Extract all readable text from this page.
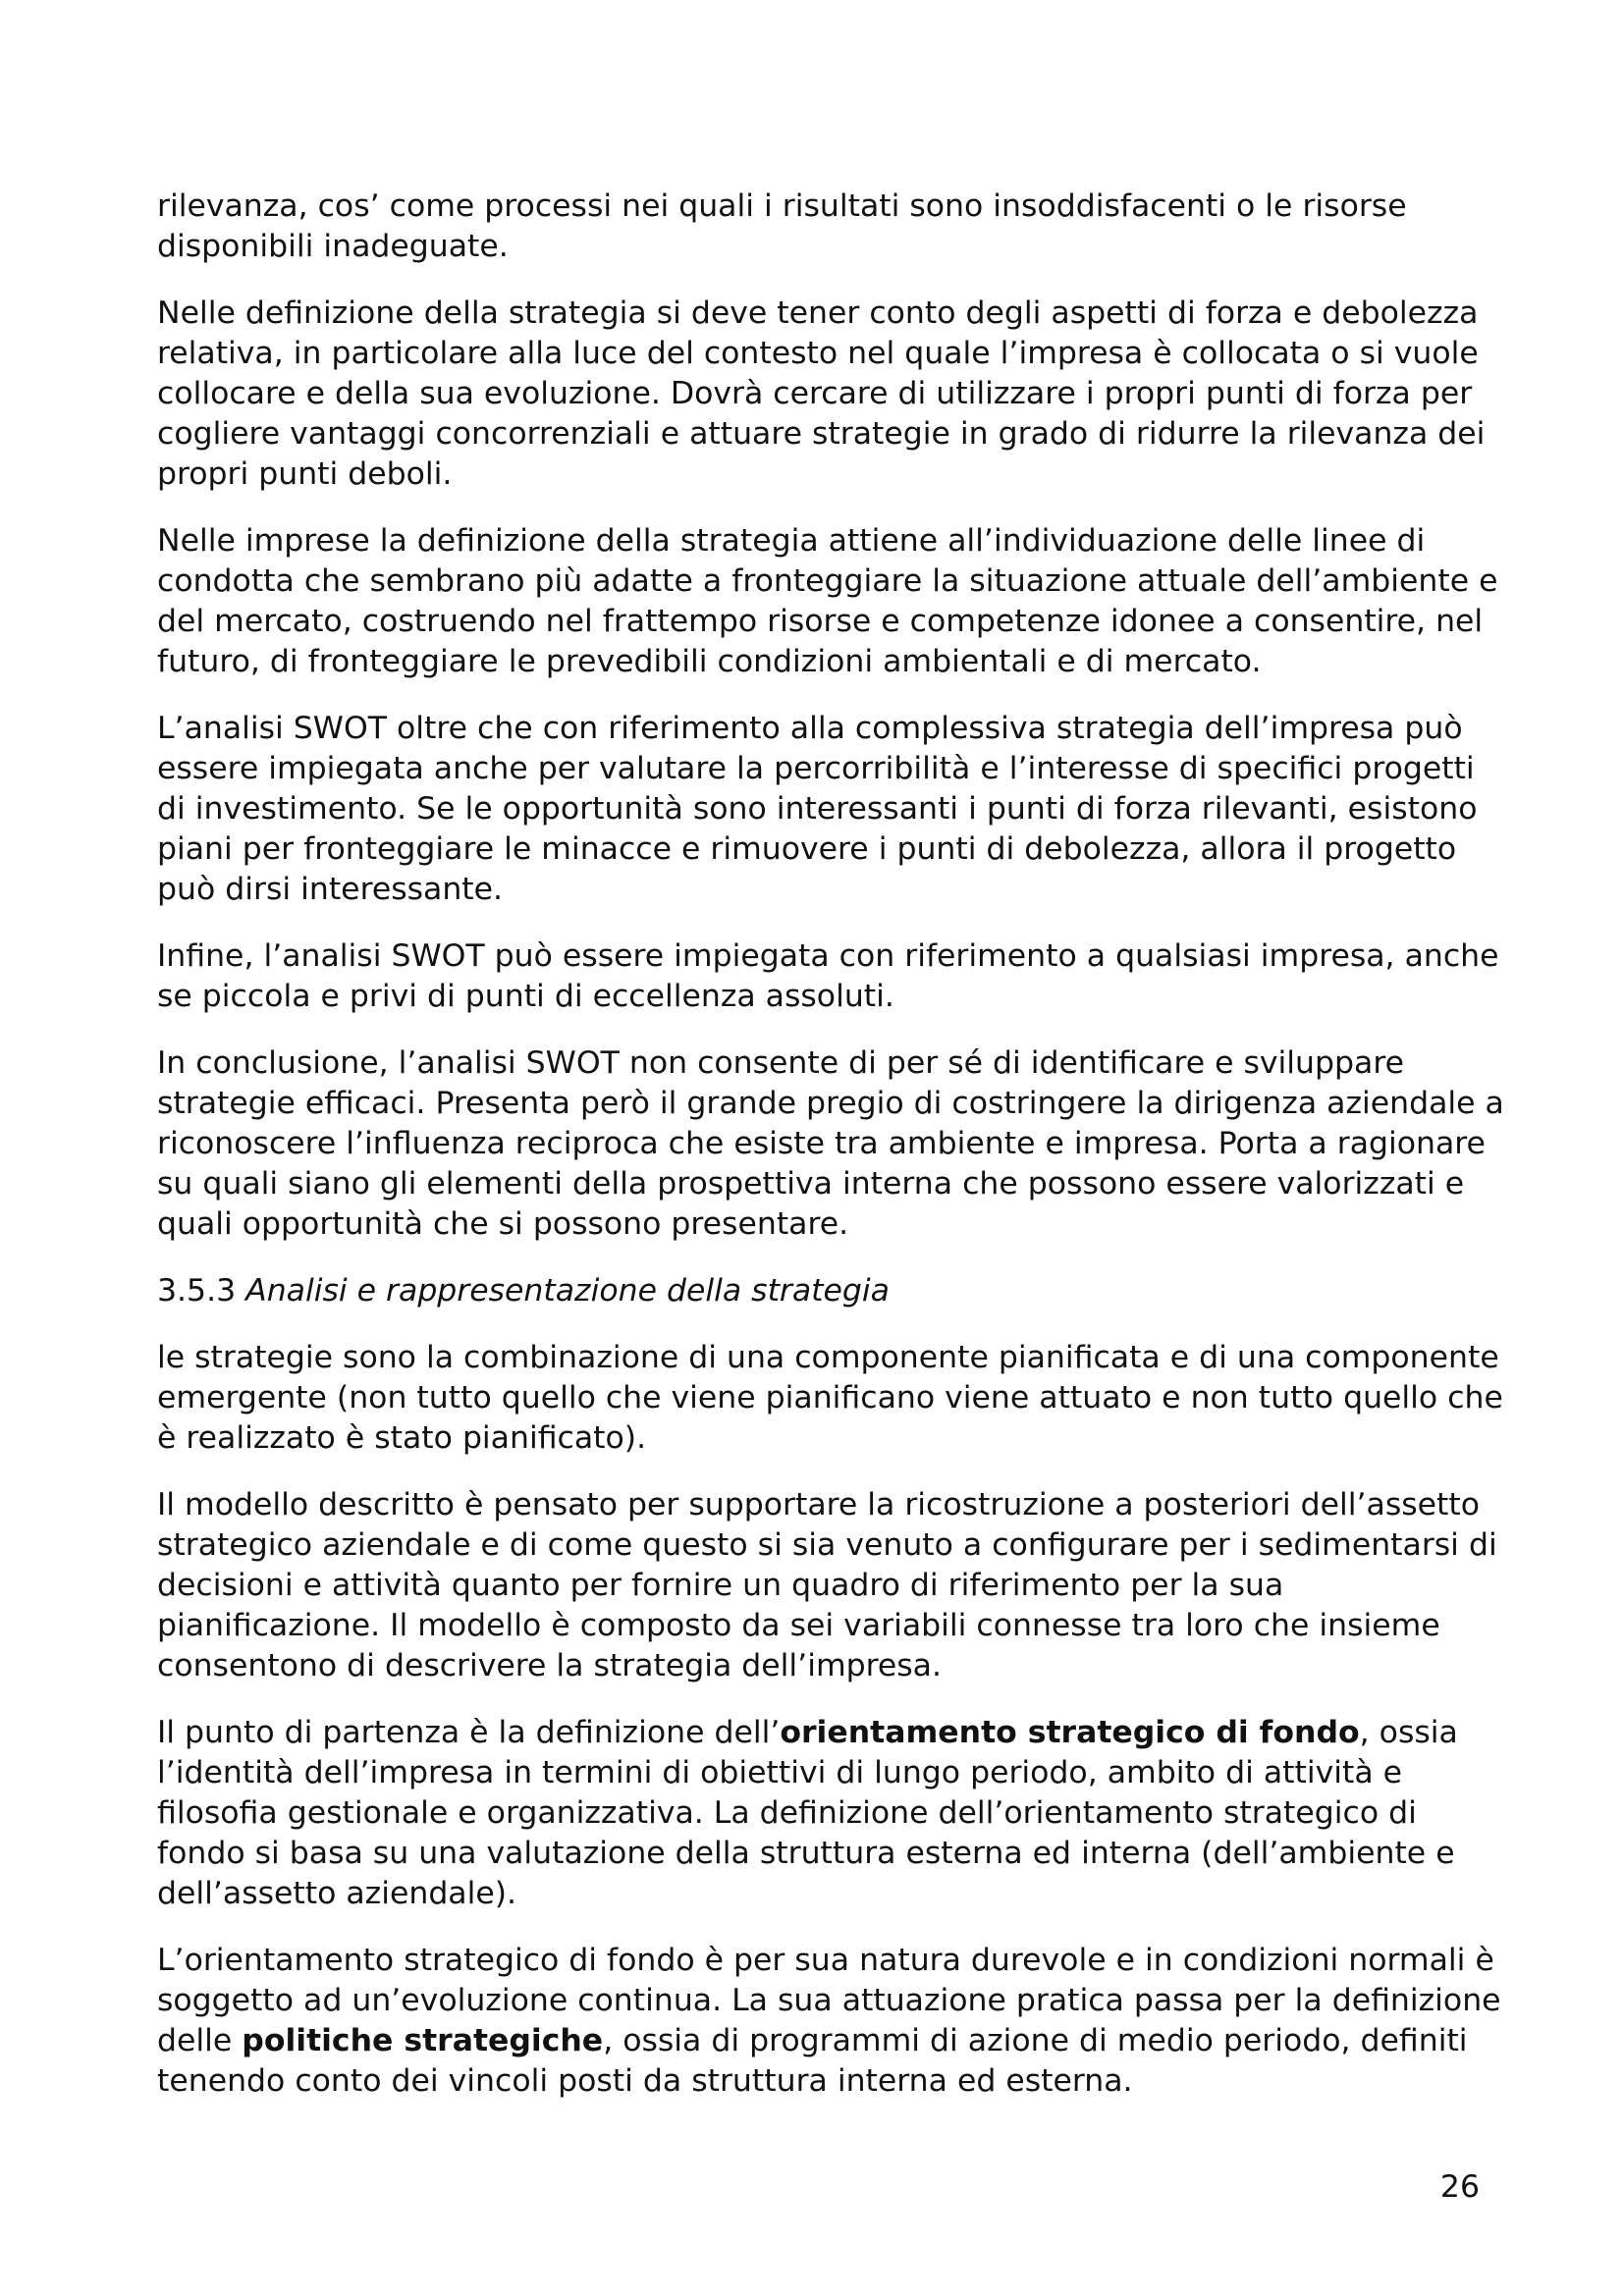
rilevanza, cos’ come processi nei quali i risultati sono insoddisfacenti o le risorse
disponibili inadeguate.

Nelle definizione della strategia si deve tener conto degli aspetti di forza e debolezza
relativa, in particolare alla luce del contesto nel quale l’impresa è collocata o si vuole
collocare e della sua evoluzione. Dovrà cercare di utilizzare i propri punti di forza per
cogliere vantaggi concorrenziali e attuare strategie in grado di ridurre la rilevanza dei
propri punti deboli.

Nelle imprese la definizione della strategia attiene all’individuazione delle linee di
condotta che sembrano più adatte a fronteggiare la situazione attuale dell’ambiente e
del mercato, costruendo nel frattempo risorse e competenze idonee a consentire, nel
futuro, di fronteggiare le prevedibili condizioni ambientali e di mercato.

L’analisi SWOT oltre che con riferimento alla complessiva strategia dell’impresa può
essere impiegata anche per valutare la percorribilità e l’interesse di specifici progetti
di investimento. Se le opportunità sono interessanti i punti di forza rilevanti, esistono
piani per fronteggiare le minacce e rimuovere i punti di debolezza, allora il progetto
può dirsi interessante.

Infine, l’analisi SWOT può essere impiegata con riferimento a qualsiasi impresa, anche
se piccola e privi di punti di eccellenza assoluti.

In conclusione, l’analisi SWOT non consente di per sé di identificare e sviluppare
strategie efficaci. Presenta però il grande pregio di costringere la dirigenza aziendale a
riconoscere l’influenza reciproca che esiste tra ambiente e impresa. Porta a ragionare
su quali siano gli elementi della prospettiva interna che possono essere valorizzati e
quali opportunità che si possono presentare.

3.5.3 Analisi e rappresentazione della strategia

le strategie sono la combinazione di una componente pianificata e di una componente
emergente (non tutto quello che viene pianificano viene attuato e non tutto quello che
è realizzato è stato pianificato).

Il modello descritto è pensato per supportare la ricostruzione a posteriori dell’assetto
strategico aziendale e di come questo si sia venuto a configurare per i sedimentarsi di
decisioni e attività quanto per fornire un quadro di riferimento per la sua
pianificazione. Il modello è composto da sei variabili connesse tra loro che insieme
consentono di descrivere la strategia dell’impresa.

Il punto di partenza è la definizione dell’orientamento strategico di fondo, ossia
l’identità dell’impresa in termini di obiettivi di lungo periodo, ambito di attività e
filosofia gestionale e organizzativa. La definizione dell’orientamento strategico di
fondo si basa su una valutazione della struttura esterna ed interna (dell’ambiente e
dell’assetto aziendale).

L’orientamento strategico di fondo è per sua natura durevole e in condizioni normali è
soggetto ad un’evoluzione continua. La sua attuazione pratica passa per la definizione
delle politiche strategiche, ossia di programmi di azione di medio periodo, definiti
tenendo conto dei vincoli posti da struttura interna ed esterna.

26
